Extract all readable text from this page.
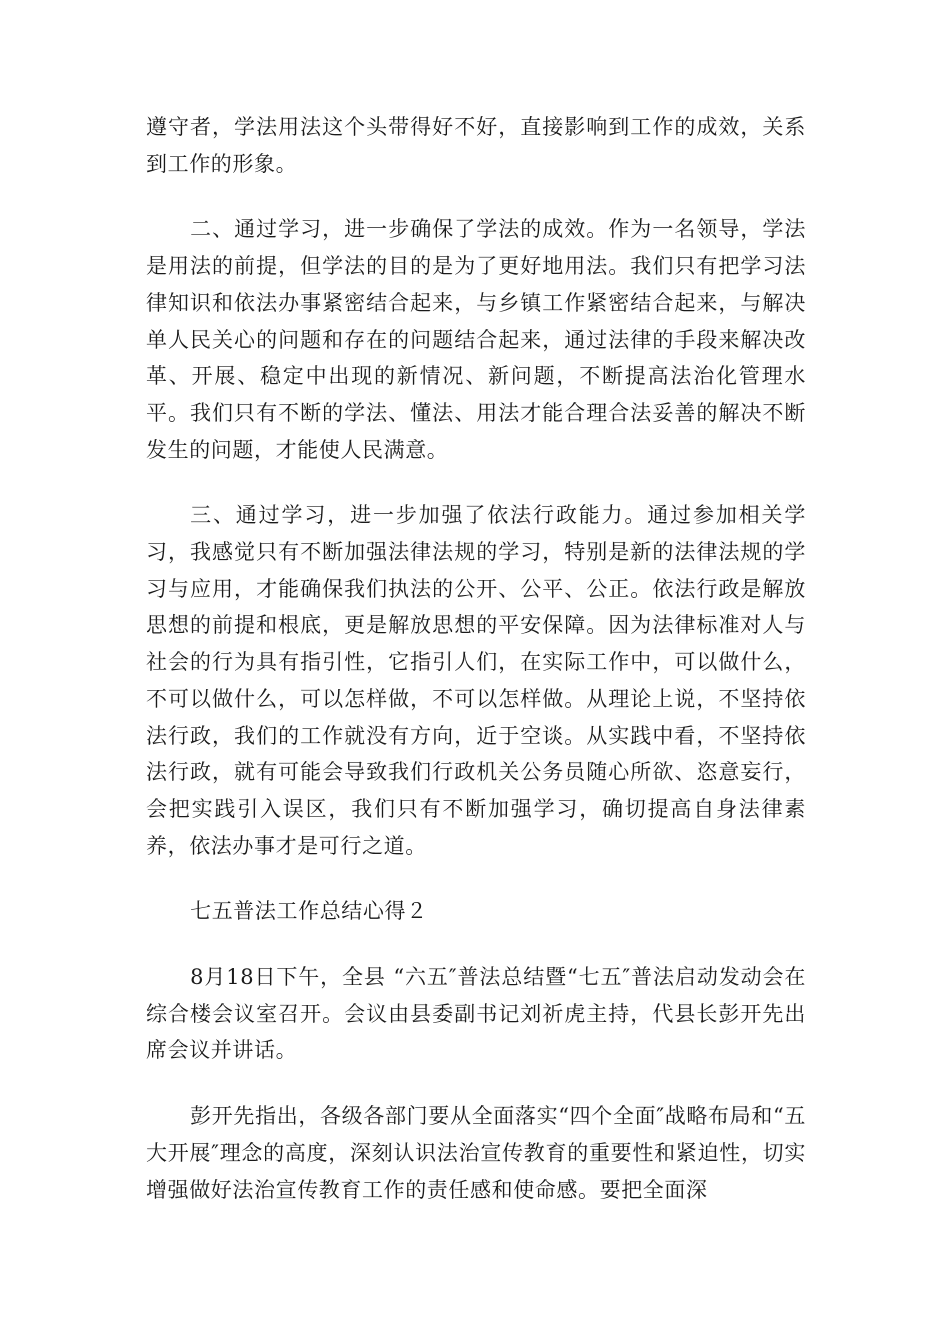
遵守者，学法用法这个头带得好不好，直接影响到工作的成效，关系到工作的形象。

二、通过学习，进一步确保了学法的成效。作为一名领导，学法是用法的前提，但学法的目的是为了更好地用法。我们只有把学习法律知识和依法办事紧密结合起来，与乡镇工作紧密结合起来，与解决单人民关心的问题和存在的问题结合起来，通过法律的手段来解决改革、开展、稳定中出现的新情况、新问题，不断提高法治化管理水平。我们只有不断的学法、懂法、用法才能合理合法妥善的解决不断发生的问题，才能使人民满意。

三、通过学习，进一步加强了依法行政能力。通过参加相关学习，我感觉只有不断加强法律法规的学习，特别是新的法律法规的学习与应用，才能确保我们执法的公开、公平、公正。依法行政是解放思想的前提和根底，更是解放思想的平安保障。因为法律标准对人与社会的行为具有指引性，它指引人们，在实际工作中，可以做什么，不可以做什么，可以怎样做，不可以怎样做。从理论上说，不坚持依法行政，我们的工作就没有方向，近于空谈。从实践中看，不坚持依法行政，就有可能会导致我们行政机关公务员随心所欲、恣意妄行，会把实践引入误区，我们只有不断加强学习，确切提高自身法律素养，依法办事才是可行之道。

七五普法工作总结心得２

8月18日下午，全县 “六五″普法总结暨“七五″普法启动发动会在综合楼会议室召开。会议由县委副书记刘祈虎主持，代县长彭开先出席会议并讲话。

彭开先指出，各级各部门要从全面落实“四个全面″战略布局和“五大开展″理念的高度，深刻认识法治宣传教育的重要性和紧迫性，切实增强做好法治宣传教育工作的责任感和使命感。要把全面深
